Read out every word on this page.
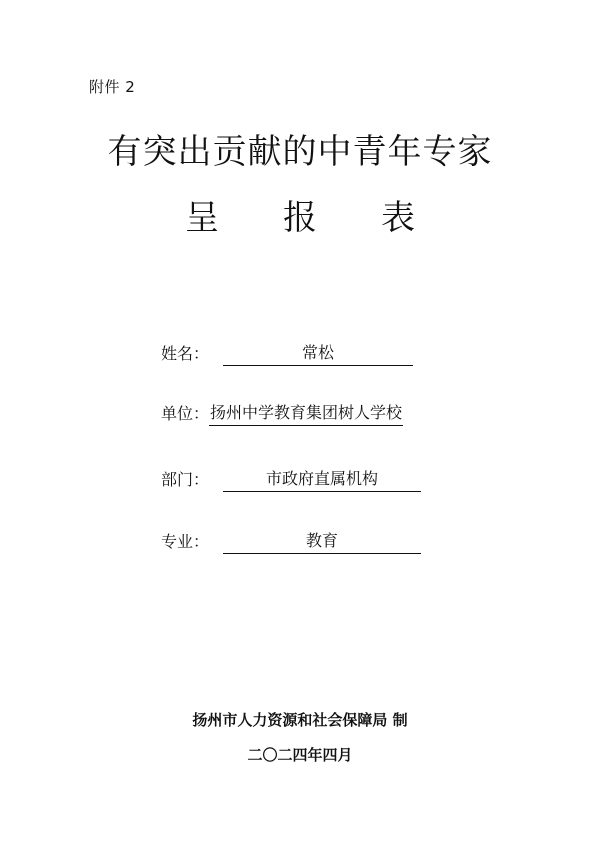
附件 2
有突出贡献的中青年专家
呈 报 表
姓名：	常松
单位：扬州中学教育集团树人学校
部门：	市政府直属机构
专业：	教育
扬州市人力资源和社会保障局 制
二〇二四年四月
